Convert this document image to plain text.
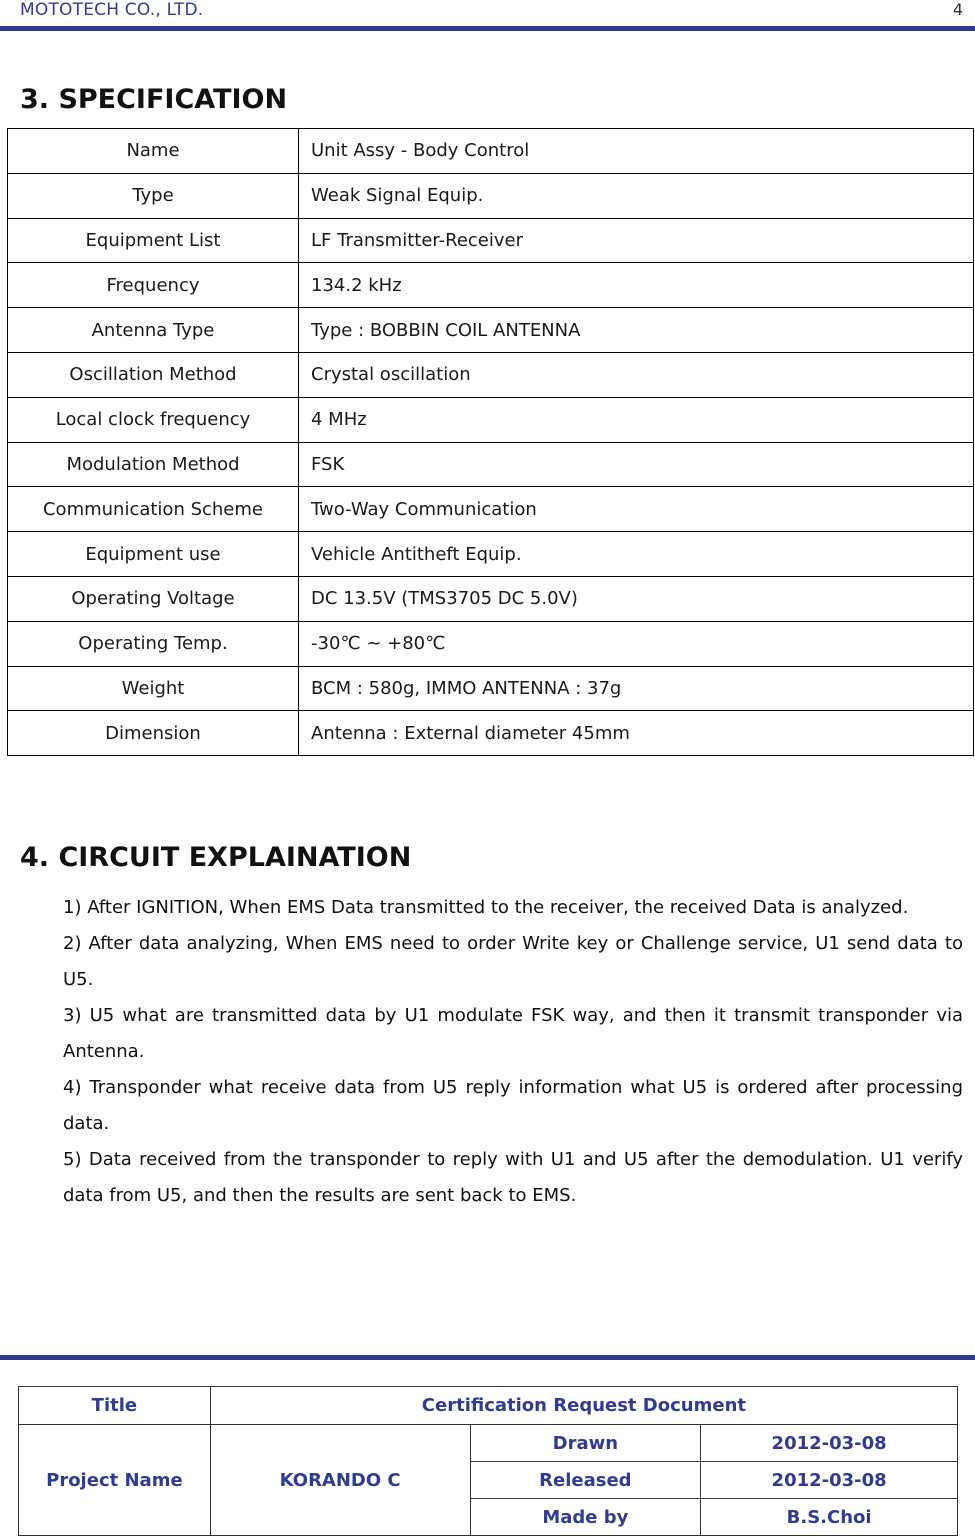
MOTOTECH CO., LTD.	4
3. SPECIFICATION
Name	Unit Assy - Body Control
Type	Weak Signal Equip.
Equipment List	LF Transmitter-Receiver
Frequency	134.2 kHz
Antenna Type	Type : BOBBIN COIL ANTENNA
Oscillation Method	Crystal oscillation
Local clock frequency	4 MHz
Modulation Method	FSK
Communication Scheme	Two-Way Communication
Equipment use	Vehicle Antitheft Equip.
Operating Voltage	DC 13.5V (TMS3705 DC 5.0V)
Operating Temp.	-30℃ ~ +80℃
Weight	BCM : 580g, IMMO ANTENNA : 37g
Dimension	Antenna : External diameter 45mm
4. CIRCUIT EXPLAINATION

1) After IGNITION, When EMS Data transmitted to the receiver, the received Data is analyzed.

2) After data analyzing, When EMS need to order Write key or Challenge service, U1 send data to U5.

3) U5 what are transmitted data by U1 modulate FSK way, and then it transmit transponder via Antenna.

4) Transponder what receive data from U5 reply information what U5 is ordered after processing data.

5) Data received from the transponder to reply with U1 and U5 after the demodulation. U1 verify data from U5, and then the results are sent back to EMS.

Title	Certification Request Document		
Project Name	KORANDO C	Drawn	2012-03-08
		Released	2012-03-08
		Made by	B.S.Choi
